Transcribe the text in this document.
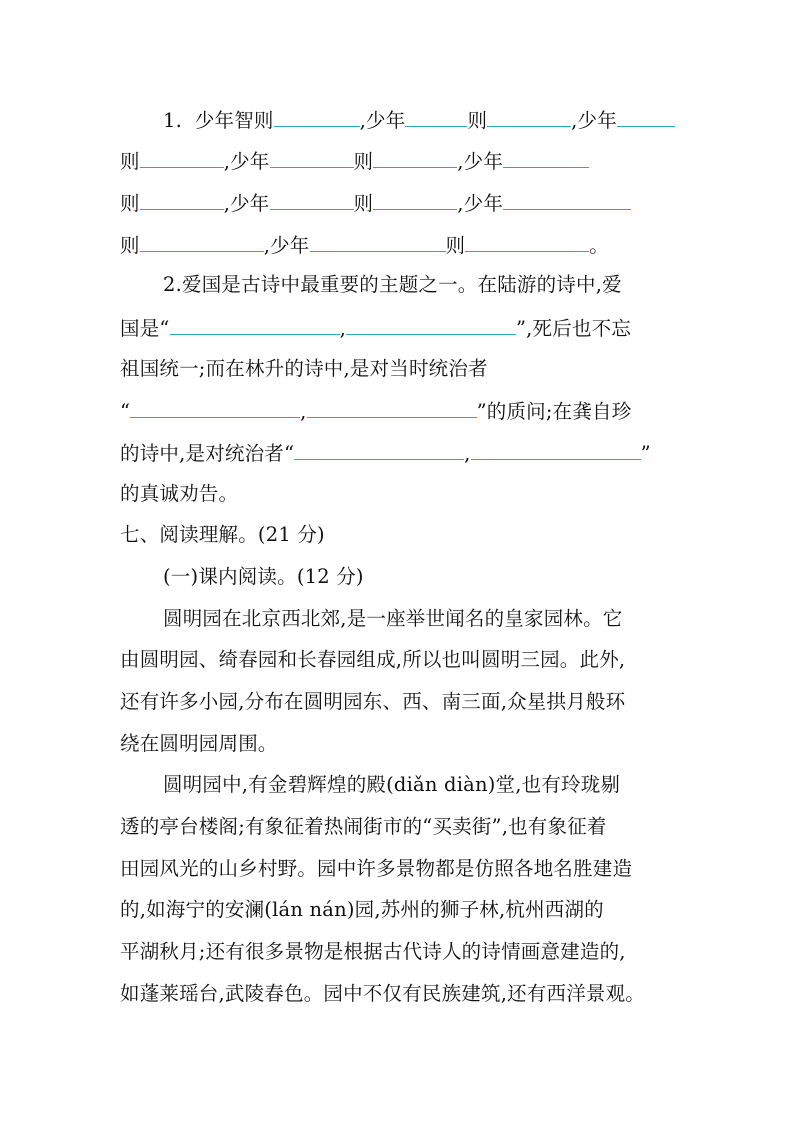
1. 少年智则	,少年	则	,少年
则	,少年	则	,少年
则	,少年	则	,少年
则	,少年	则	。
2.爱国是古诗中最重要的主题之一。在陆游的诗中,爱
国是“	,	”,死后也不忘
祖国统一;而在林升的诗中,是对当时统治者
“	,	”的质问;在龚自珍
的诗中,是对统治者“	,	”
的真诚劝告。
七、阅读理解。(21 分)
(一)课内阅读。(12 分)
圆明园在北京西北郊,是一座举世闻名的皇家园林。它
由圆明园、绮春园和长春园组成,所以也叫圆明三园。此外,
还有许多小园,分布在圆明园东、西、南三面,众星拱月般环
绕在圆明园周围。
圆明园中,有金碧辉煌的殿(diǎn diàn)堂,也有玲珑剔
透的亭台楼阁;有象征着热闹街市的“买卖街”,也有象征着
田园风光的山乡村野。园中许多景物都是仿照各地名胜建造
的,如海宁的安澜(lán nán)园,苏州的狮子林,杭州西湖的
平湖秋月;还有很多景物是根据古代诗人的诗情画意建造的,
如蓬莱瑶台,武陵春色。园中不仅有民族建筑,还有西洋景观。
